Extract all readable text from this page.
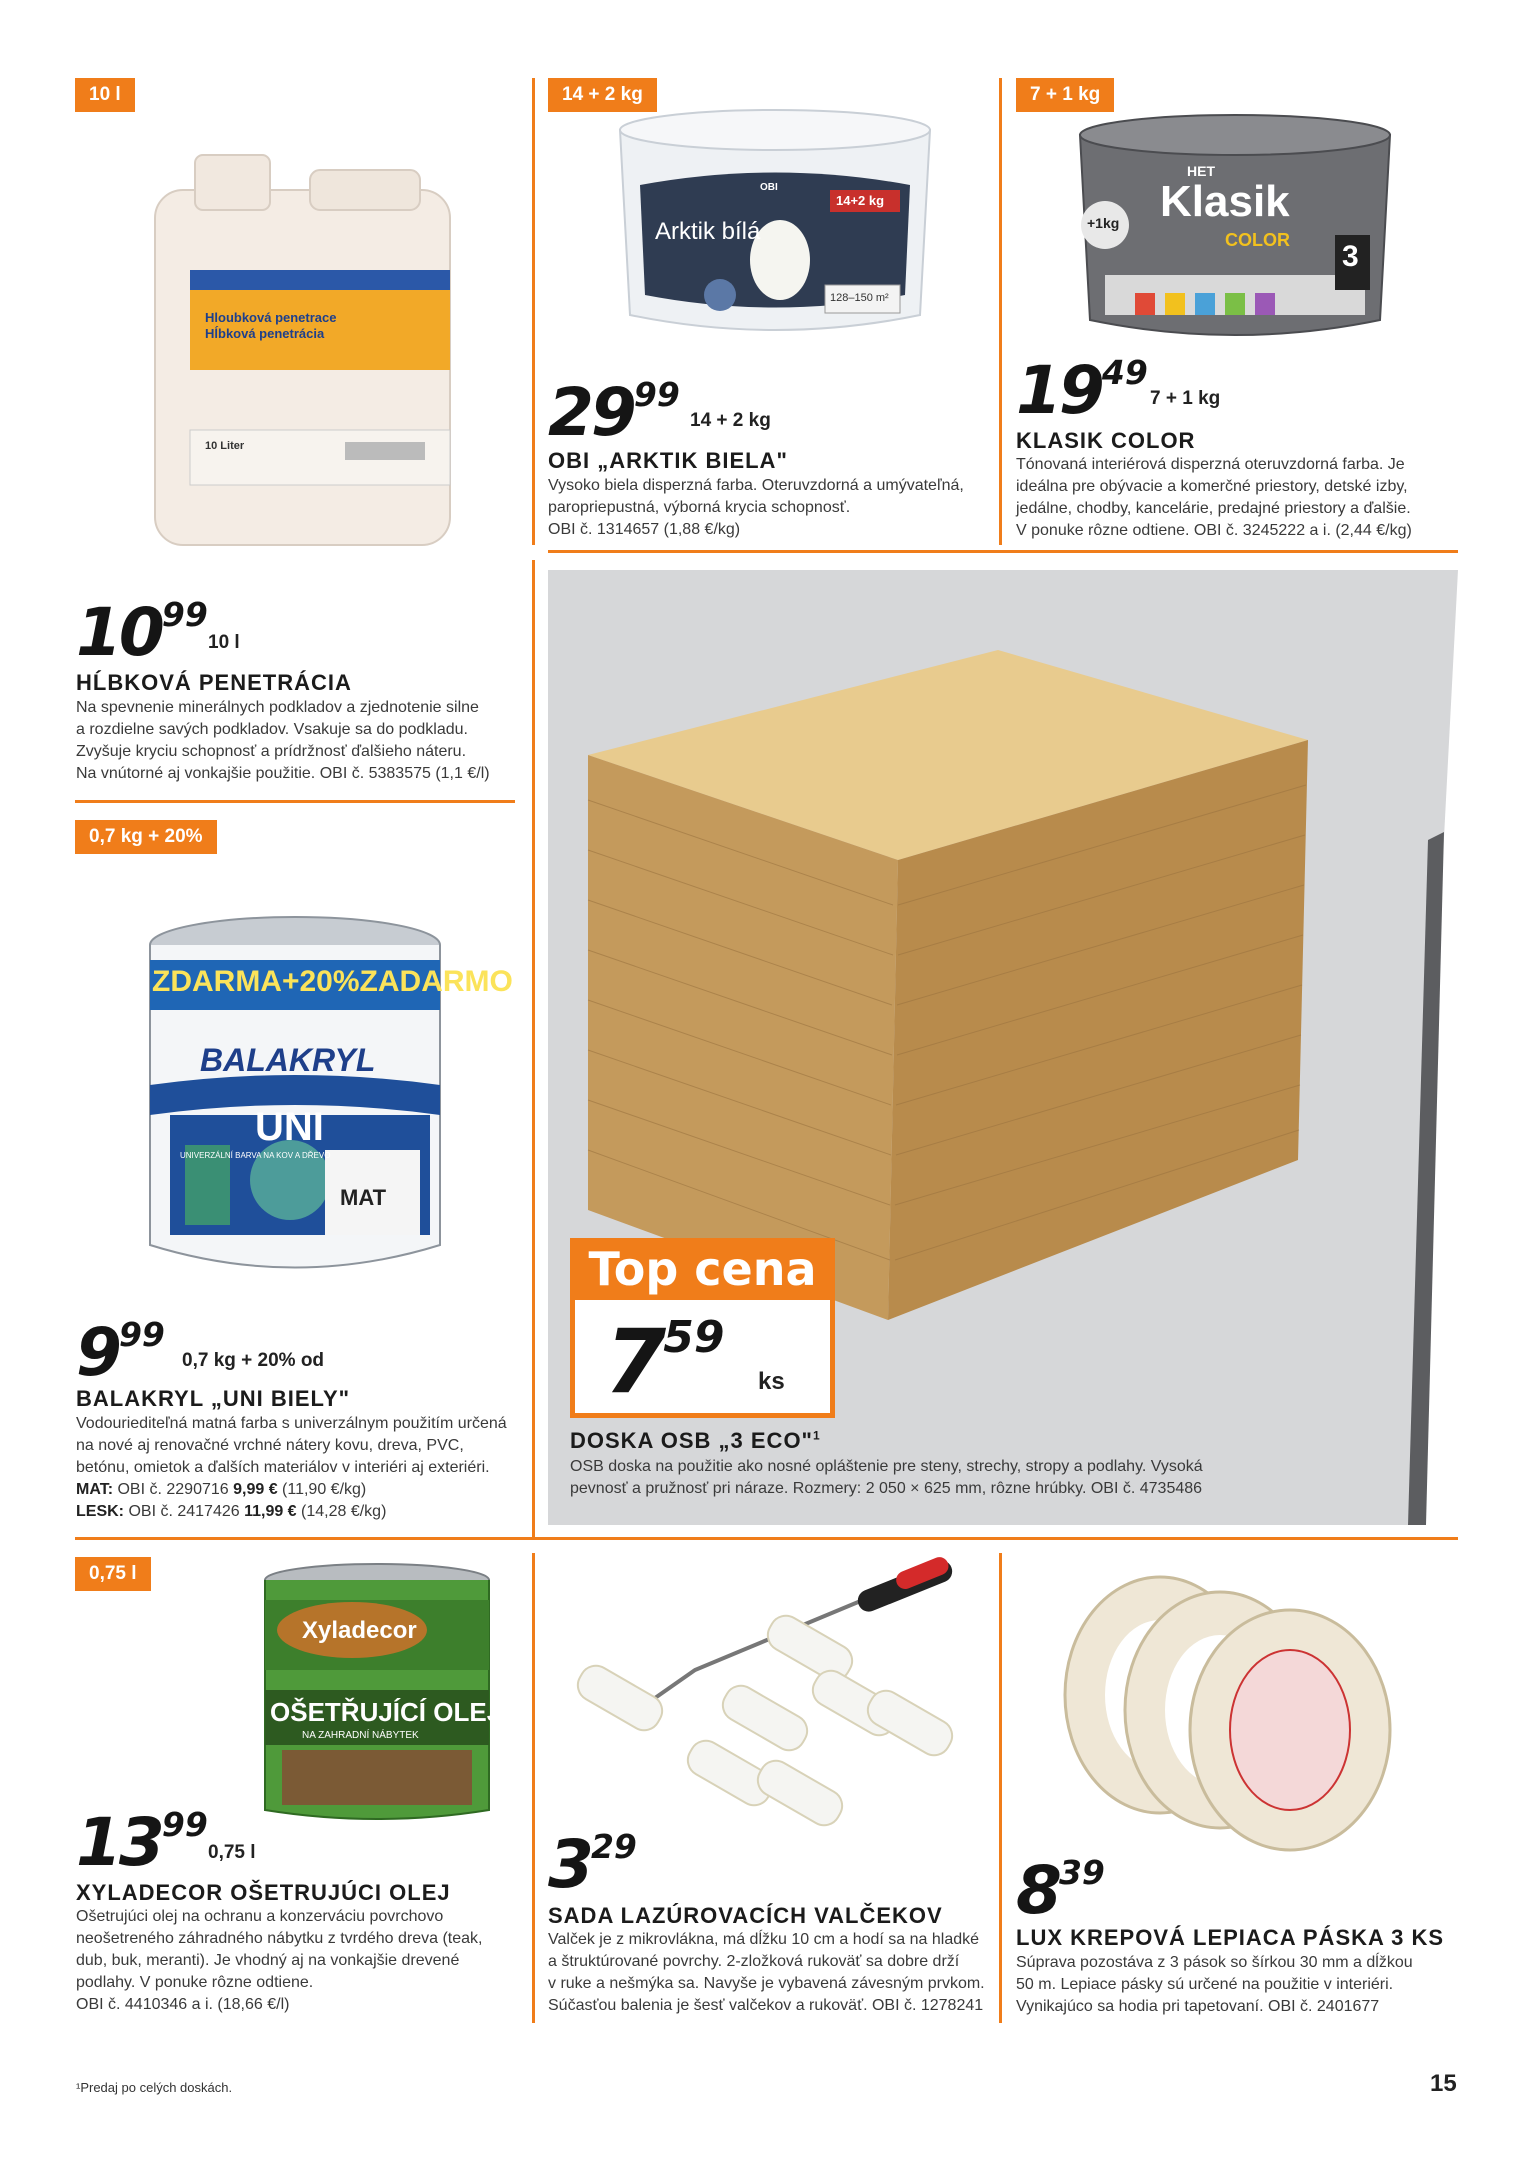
10 l
Hloubková penetrace
Hĺbková penetrácia
10 Liter
1099
10 l
HĹBKOVÁ PENETRÁCIA
Na spevnenie minerálnych podkladov a zjednotenie silne
a rozdielne savých podkladov. Vsakuje sa do podkladu.
Zvyšuje kryciu schopnosť a prídržnosť ďalšieho náteru.
Na vnútorné aj vonkajšie použitie. OBI č. 5383575 (1,1 €/l)
14 + 2 kg
OBI
Arktik bílá
14+2 kg
128–150 m²
2999
14 + 2 kg
OBI „ARKTIK BIELA"
Vysoko biela disperzná farba. Oteruvzdorná a umývateľná,
paropriepustná, výborná krycia schopnosť.
OBI č. 1314657 (1,88 €/kg)
7 + 1 kg
HET
Klasik
COLOR
+1kg
3
1949
7 + 1 kg
KLASIK COLOR
Tónovaná interiérová disperzná oteruvzdorná farba. Je
ideálna pre obývacie a komerčné priestory, detské izby,
jedálne, chodby, kancelárie, predajné priestory a ďalšie.
V ponuke rôzne odtiene. OBI č. 3245222 a i. (2,44 €/kg)
0,7 kg + 20%
ZDARMA+20%ZADARMO
BALAKRYL
UNI
UNIVERZÁLNÍ BARVA NA KOV A DŘEVO
MAT
999
0,7 kg + 20% od
BALAKRYL „UNI BIELY"
Vodouriediteľná matná farba s univerzálnym použitím určená
na nové aj renovačné vrchné nátery kovu, dreva, PVC,
betónu, omietok a ďalších materiálov v interiéri aj exteriéri.
MAT: OBI č. 2290716 9,99 € (11,90 €/kg)
LESK: OBI č. 2417426 11,99 € (14,28 €/kg)
Top cena
759
ks
DOSKA OSB „3 ECO"$^1$
OSB doska na použitie ako nosné opláštenie pre steny, strechy, stropy a podlahy. Vysoká
pevnosť a pružnosť pri náraze. Rozmery: 2 050 × 625 mm, rôzne hrúbky. OBI č. 4735486
0,75 l
Xyladecor
OŠETŘUJÍCÍ OLEJ
NA ZAHRADNÍ NÁBYTEK
1399
0,75 l
XYLADECOR OŠETRUJÚCI OLEJ
Ošetrujúci olej na ochranu a konzerváciu povrchovo
neošetreného záhradného nábytku z tvrdého dreva (teak,
dub, buk, meranti). Je vhodný aj na vonkajšie drevené
podlahy. V ponuke rôzne odtiene.
OBI č. 4410346 a i. (18,66 €/l)
329
SADA LAZÚROVACÍCH VALČEKOV
Valček je z mikrovlákna, má dĺžku 10 cm a hodí sa na hladké
a štruktúrované povrchy. 2-zložková rukoväť sa dobre drží
v ruke a nešmýka sa. Navyše je vybavená závesným prvkom.
Súčasťou balenia je šesť valčekov a rukoväť. OBI č. 1278241
839
LUX KREPOVÁ LEPIACA PÁSKA 3 KS
Súprava pozostáva z 3 pások so šírkou 30 mm a dĺžkou
50 m. Lepiace pásky sú určené na použitie v interiéri.
Vynikajúco sa hodia pri tapetovaní. OBI č. 2401677
¹Predaj po celých doskách.	15
